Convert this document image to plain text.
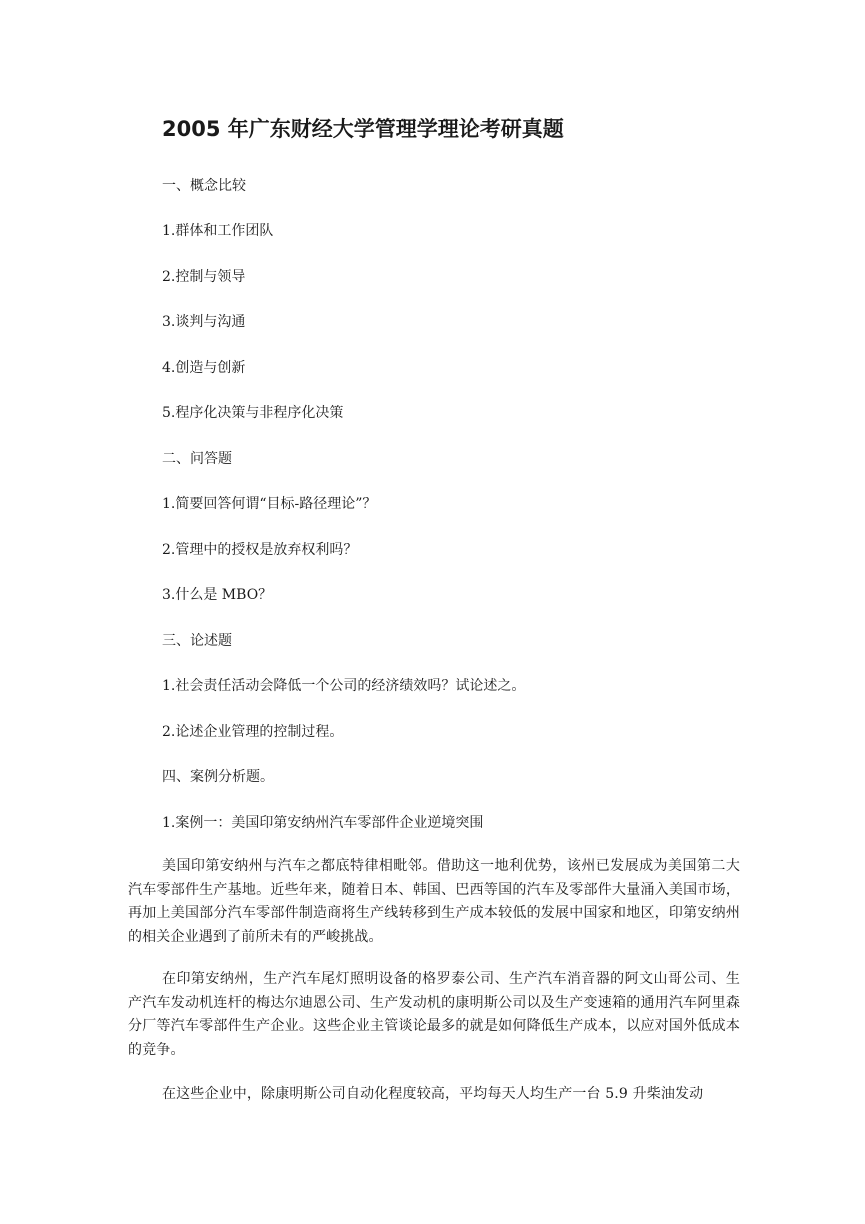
2005 年广东财经大学管理学理论考研真题

一、概念比较

1.群体和工作团队

2.控制与领导

3.谈判与沟通

4.创造与创新

5.程序化决策与非程序化决策

二、问答题

1.简要回答何谓“目标-路径理论”？

2.管理中的授权是放弃权利吗？

3.什么是 MBO？

三、论述题

1.社会责任活动会降低一个公司的经济绩效吗？试论述之。

2.论述企业管理的控制过程。

四、案例分析题。

1.案例一：美国印第安纳州汽车零部件企业逆境突围

美国印第安纳州与汽车之都底特律相毗邻。借助这一地利优势，该州已发展成为美国第二大汽车零部件生产基地。近些年来，随着日本、韩国、巴西等国的汽车及零部件大量涌入美国市场，再加上美国部分汽车零部件制造商将生产线转移到生产成本较低的发展中国家和地区，印第安纳州的相关企业遇到了前所未有的严峻挑战。

在印第安纳州，生产汽车尾灯照明设备的格罗泰公司、生产汽车消音器的阿文山哥公司、生产汽车发动机连杆的梅达尔迪恩公司、生产发动机的康明斯公司以及生产变速箱的通用汽车阿里森分厂等汽车零部件生产企业。这些企业主管谈论最多的就是如何降低生产成本，以应对国外低成本的竞争。

在这些企业中，除康明斯公司自动化程度较高，平均每天人均生产一台 5.9 升柴油发动
